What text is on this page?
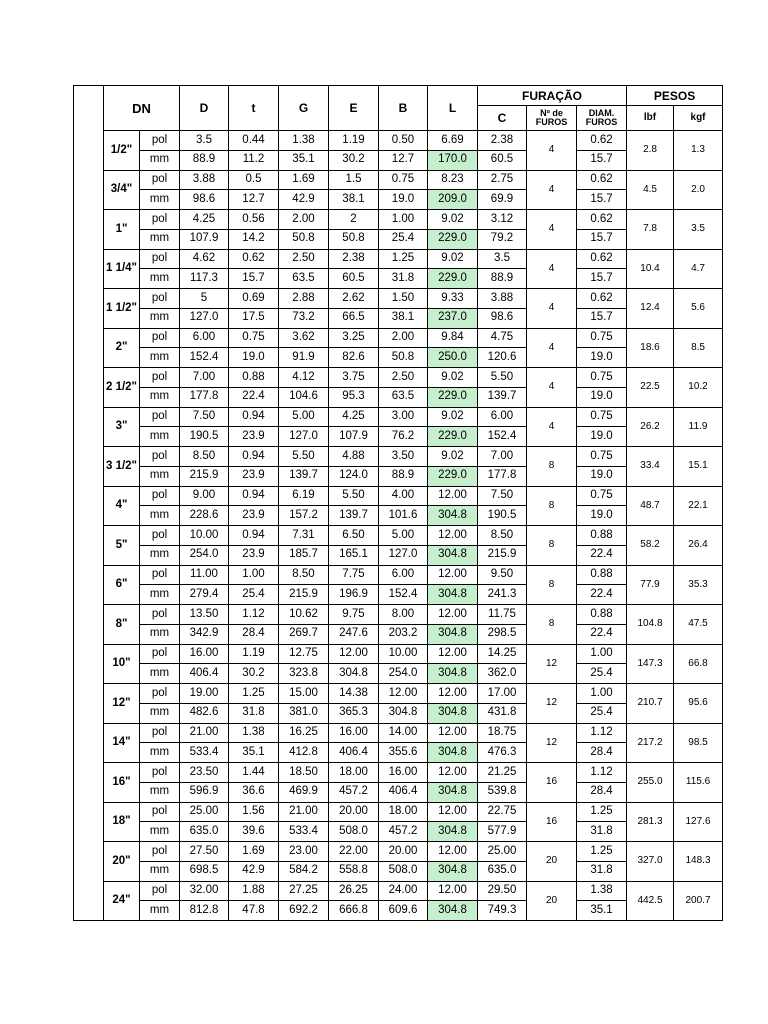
	DN		D	t	G	E	B	L	FURAÇÃO			PESOS	
									C	Nº de FUROS	DIAM. FUROS	lbf	kgf
	1/2"	pol	3.5	0.44	1.38	1.19	0.50	6.69	2.38	4	0.62	2.8	1.3
		mm	88.9	11.2	35.1	30.2	12.7	170.0	60.5		15.7		
	3/4"	pol	3.88	0.5	1.69	1.5	0.75	8.23	2.75	4	0.62	4.5	2.0
		mm	98.6	12.7	42.9	38.1	19.0	209.0	69.9		15.7		
	1"	pol	4.25	0.56	2.00	2	1.00	9.02	3.12	4	0.62	7.8	3.5
		mm	107.9	14.2	50.8	50.8	25.4	229.0	79.2		15.7		
	1 1/4"	pol	4.62	0.62	2.50	2.38	1.25	9.02	3.5	4	0.62	10.4	4.7
		mm	117.3	15.7	63.5	60.5	31.8	229.0	88.9		15.7		
	1 1/2"	pol	5	0.69	2.88	2.62	1.50	9.33	3.88	4	0.62	12.4	5.6
		mm	127.0	17.5	73.2	66.5	38.1	237.0	98.6		15.7		
	2"	pol	6.00	0.75	3.62	3.25	2.00	9.84	4.75	4	0.75	18.6	8.5
		mm	152.4	19.0	91.9	82.6	50.8	250.0	120.6		19.0		
	2 1/2"	pol	7.00	0.88	4.12	3.75	2.50	9.02	5.50	4	0.75	22.5	10.2
		mm	177.8	22.4	104.6	95.3	63.5	229.0	139.7		19.0		
	3"	pol	7.50	0.94	5.00	4.25	3.00	9.02	6.00	4	0.75	26.2	11.9
		mm	190.5	23.9	127.0	107.9	76.2	229.0	152.4		19.0		
	3 1/2"	pol	8.50	0.94	5.50	4.88	3.50	9.02	7.00	8	0.75	33.4	15.1
		mm	215.9	23.9	139.7	124.0	88.9	229.0	177.8		19.0		
	4"	pol	9.00	0.94	6.19	5.50	4.00	12.00	7.50	8	0.75	48.7	22.1
		mm	228.6	23.9	157.2	139.7	101.6	304.8	190.5		19.0		
	5"	pol	10.00	0.94	7.31	6.50	5.00	12.00	8.50	8	0.88	58.2	26.4
		mm	254.0	23.9	185.7	165.1	127.0	304.8	215.9		22.4		
	6"	pol	11.00	1.00	8.50	7.75	6.00	12.00	9.50	8	0.88	77.9	35.3
		mm	279.4	25.4	215.9	196.9	152.4	304.8	241.3		22.4		
	8"	pol	13.50	1.12	10.62	9.75	8.00	12.00	11.75	8	0.88	104.8	47.5
		mm	342.9	28.4	269.7	247.6	203.2	304.8	298.5		22.4		
	10"	pol	16.00	1.19	12.75	12.00	10.00	12.00	14.25	12	1.00	147.3	66.8
		mm	406.4	30.2	323.8	304.8	254.0	304.8	362.0		25.4		
	12"	pol	19.00	1.25	15.00	14.38	12.00	12.00	17.00	12	1.00	210.7	95.6
		mm	482.6	31.8	381.0	365.3	304.8	304.8	431.8		25.4		
	14"	pol	21.00	1.38	16.25	16.00	14.00	12.00	18.75	12	1.12	217.2	98.5
		mm	533.4	35.1	412.8	406.4	355.6	304.8	476.3		28.4		
	16"	pol	23.50	1.44	18.50	18.00	16.00	12.00	21.25	16	1.12	255.0	115.6
		mm	596.9	36.6	469.9	457.2	406.4	304.8	539.8		28.4		
	18"	pol	25.00	1.56	21.00	20.00	18.00	12.00	22.75	16	1.25	281.3	127.6
		mm	635.0	39.6	533.4	508.0	457.2	304.8	577.9		31.8		
	20"	pol	27.50	1.69	23.00	22.00	20.00	12.00	25.00	20	1.25	327.0	148.3
		mm	698.5	42.9	584.2	558.8	508.0	304.8	635.0		31.8		
	24"	pol	32.00	1.88	27.25	26.25	24.00	12.00	29.50	20	1.38	442.5	200.7
		mm	812.8	47.8	692.2	666.8	609.6	304.8	749.3		35.1		
